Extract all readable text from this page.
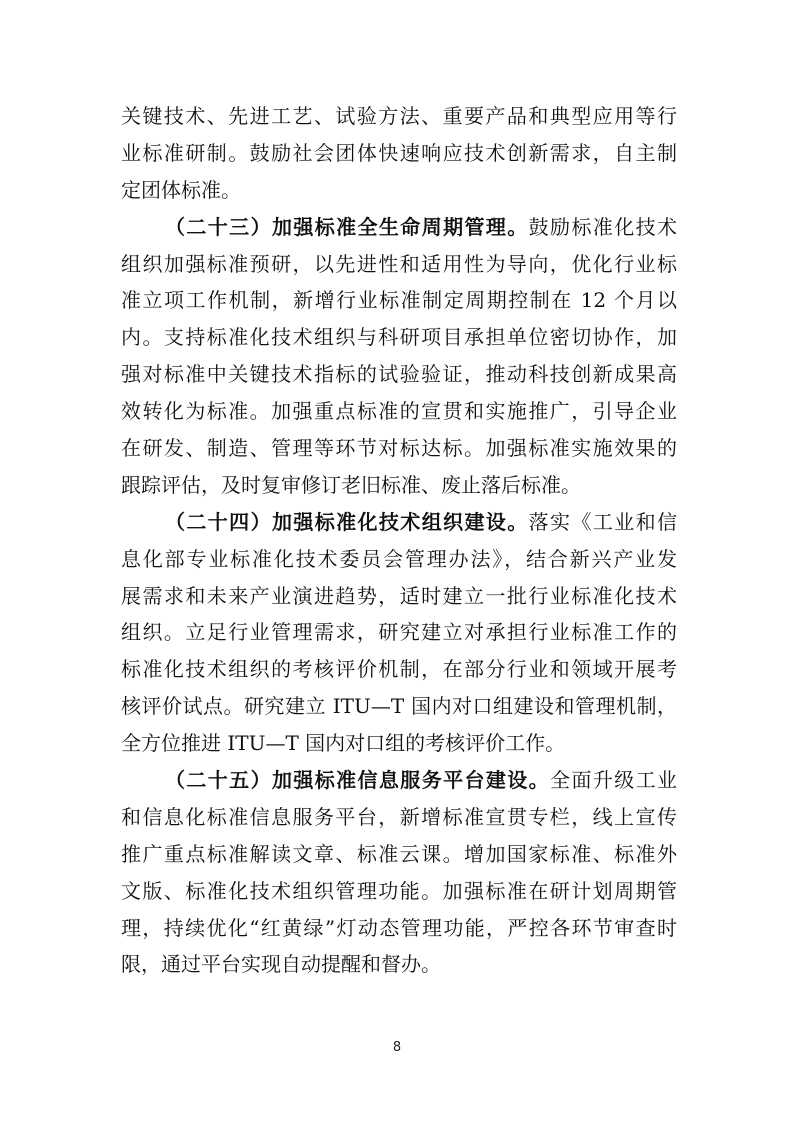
关键技术、先进工艺、试验方法、重要产品和典型应用等行
业标准研制。鼓励社会团体快速响应技术创新需求，自主制
定团体标准。
（二十三）加强标准全生命周期管理。鼓励标准化技术
组织加强标准预研，以先进性和适用性为导向，优化行业标
准立项工作机制，新增行业标准制定周期控制在 12 个月以
内。支持标准化技术组织与科研项目承担单位密切协作，加
强对标准中关键技术指标的试验验证，推动科技创新成果高
效转化为标准。加强重点标准的宣贯和实施推广，引导企业
在研发、制造、管理等环节对标达标。加强标准实施效果的
跟踪评估，及时复审修订老旧标准、废止落后标准。
（二十四）加强标准化技术组织建设。落实《工业和信
息化部专业标准化技术委员会管理办法》，结合新兴产业发
展需求和未来产业演进趋势，适时建立一批行业标准化技术
组织。立足行业管理需求，研究建立对承担行业标准工作的
标准化技术组织的考核评价机制，在部分行业和领域开展考
核评价试点。研究建立 ITU—T 国内对口组建设和管理机制，
全方位推进 ITU—T 国内对口组的考核评价工作。
（二十五）加强标准信息服务平台建设。全面升级工业
和信息化标准信息服务平台，新增标准宣贯专栏，线上宣传
推广重点标准解读文章、标准云课。增加国家标准、标准外
文版、标准化技术组织管理功能。加强标准在研计划周期管
理，持续优化“红黄绿”灯动态管理功能，严控各环节审查时
限，通过平台实现自动提醒和督办。
8
